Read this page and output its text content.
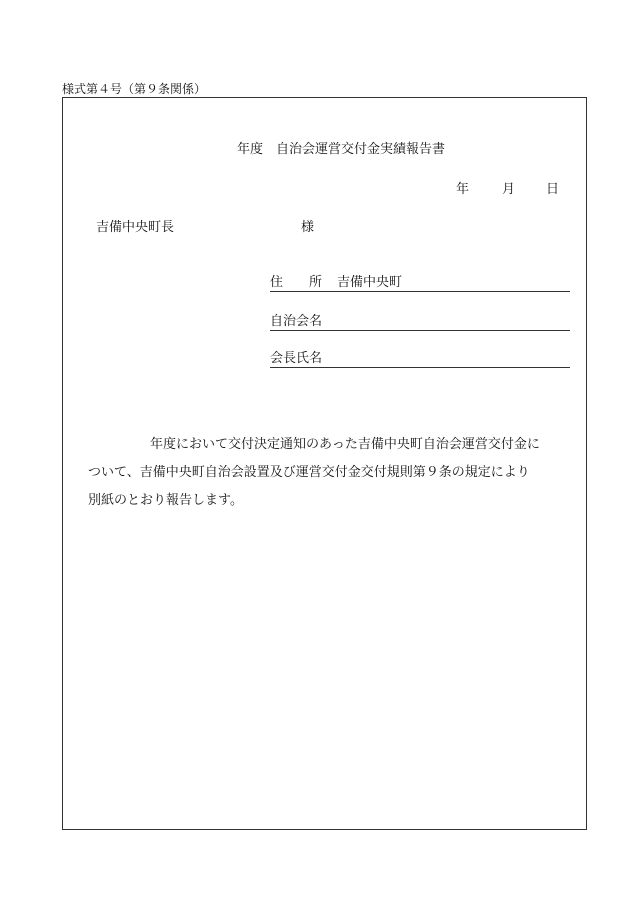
様式第４号（第９条関係）
年度　自治会運営交付金実績報告書
年	月	日
吉備中央町長	様
住　　所 吉備中央町
自治会名
会長氏名
年度において交付決定通知のあった吉備中央町自治会運営交付金に
ついて、吉備中央町自治会設置及び運営交付金交付規則第９条の規定により
別紙のとおり報告します。
